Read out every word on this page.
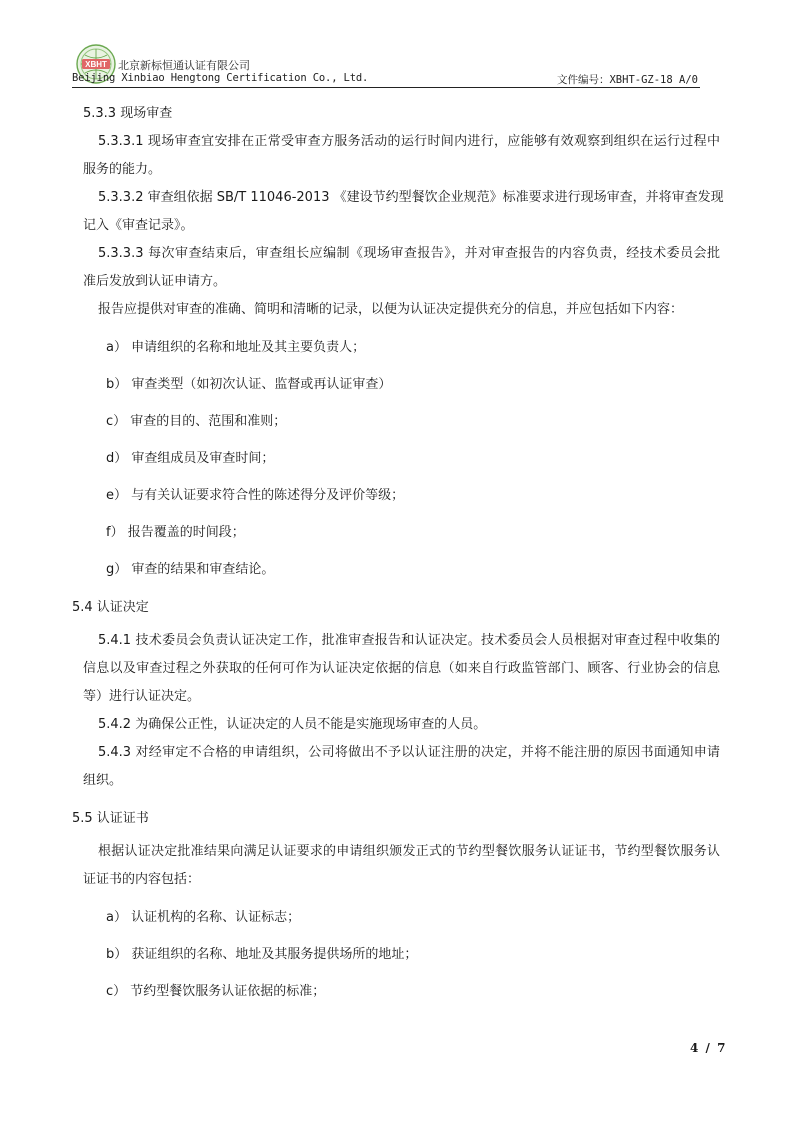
XBHT 北京新标恒通认证有限公司
Beijing Xinbiao Hengtong Certification Co., Ltd.	文件编号：XBHT-GZ-18 A/0
5.3.3 现场审查
5.3.3.1 现场审查宜安排在正常受审查方服务活动的运行时间内进行，应能够有效观察到组织在运行过程中
服务的能力。
5.3.3.2 审查组依据 SB/T 11046-2013 《建设节约型餐饮企业规范》标准要求进行现场审查，并将审查发现
记入《审查记录》。
5.3.3.3 每次审查结束后，审查组长应编制《现场审查报告》，并对审查报告的内容负责，经技术委员会批
准后发放到认证申请方。
报告应提供对审查的准确、简明和清晰的记录，以便为认证决定提供充分的信息，并应包括如下内容：
a） 申请组织的名称和地址及其主要负责人；
b） 审查类型（如初次认证、监督或再认证审查）
c） 审查的目的、范围和准则；
d） 审查组成员及审查时间；
e） 与有关认证要求符合性的陈述得分及评价等级；
f） 报告覆盖的时间段；
g） 审查的结果和审查结论。
5.4 认证决定
5.4.1 技术委员会负责认证决定工作，批准审查报告和认证决定。技术委员会人员根据对审查过程中收集的
信息以及审查过程之外获取的任何可作为认证决定依据的信息（如来自行政监管部门、顾客、行业协会的信息
等）进行认证决定。
5.4.2 为确保公正性，认证决定的人员不能是实施现场审查的人员。
5.4.3 对经审定不合格的申请组织，公司将做出不予以认证注册的决定，并将不能注册的原因书面通知申请
组织。
5.5 认证证书
根据认证决定批准结果向满足认证要求的申请组织颁发正式的节约型餐饮服务认证证书，节约型餐饮服务认
证证书的内容包括：
a） 认证机构的名称、认证标志；
b） 获证组织的名称、地址及其服务提供场所的地址；
c） 节约型餐饮服务认证依据的标准；
4 / 7
